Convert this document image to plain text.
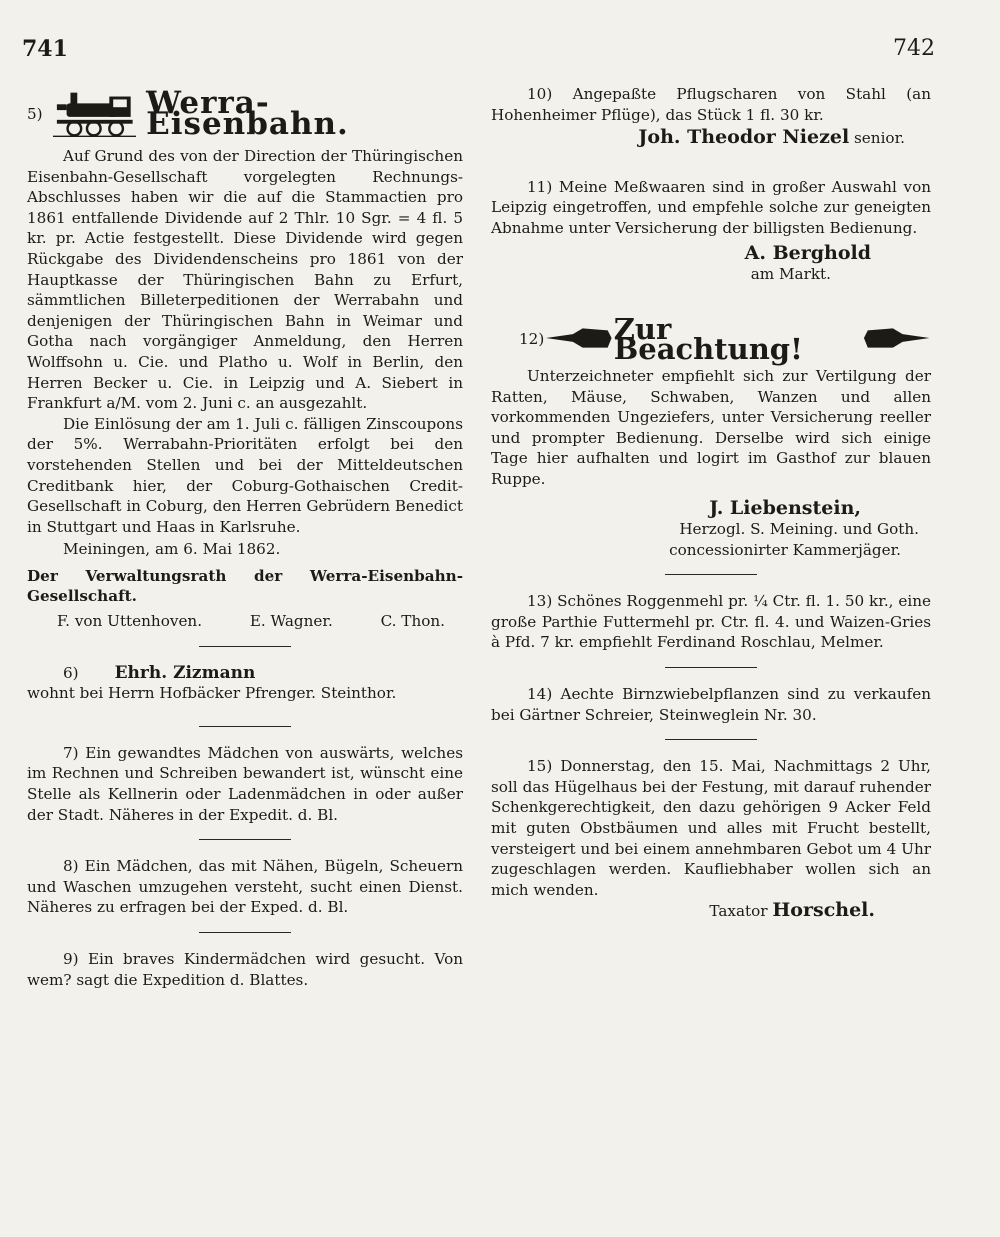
741	742
5)	Werra-Eisenbahn.

Auf Grund des von der Direction der Thüringischen Eisenbahn-Gesellschaft vorgelegten Rechnungs-Abschlusses haben wir die auf die Stammactien pro 1861 entfallende Dividende auf 2 Thlr. 10 Sgr. = 4 fl. 5 kr. pr. Actie festgestellt. Diese Dividende wird gegen Rückgabe des Dividendenscheins pro 1861 von der Hauptkasse der Thüringischen Bahn zu Erfurt, sämmtlichen Billeterpeditionen der Werrabahn und denjenigen der Thüringischen Bahn in Weimar und Gotha nach vorgängiger Anmeldung, den Herren Wolffsohn u. Cie. und Platho u. Wolf in Berlin, den Herren Becker u. Cie. in Leipzig und A. Siebert in Frankfurt a/M. vom 2. Juni c. an ausgezahlt.

Die Einlösung der am 1. Juli c. fälligen Zinscoupons der 5%. Werrabahn-Prioritäten erfolgt bei den vorstehenden Stellen und bei der Mitteldeutschen Creditbank hier, der Coburg-Gothaischen Credit-Gesellschaft in Coburg, den Herren Gebrüdern Benedict in Stuttgart und Haas in Karlsruhe.

Meiningen, am 6. Mai 1862.

Der Verwaltungsrath der Werra-Eisenbahn-Gesellschaft.

F. von Uttenhoven.	E. Wagner.	C. Thon.
6) Ehrh. Zizmann

wohnt bei Herrn Hofbäcker Pfrenger. Steinthor.

7) Ein gewandtes Mädchen von auswärts, welches im Rechnen und Schreiben bewandert ist, wünscht eine Stelle als Kellnerin oder Ladenmädchen in oder außer der Stadt. Näheres in der Expedit. d. Bl.

8) Ein Mädchen, das mit Nähen, Bügeln, Scheuern und Waschen umzugehen versteht, sucht einen Dienst. Näheres zu erfragen bei der Exped. d. Bl.

9) Ein braves Kindermädchen wird gesucht. Von wem? sagt die Expedition d. Blattes.

10) Angepaßte Pflugscharen von Stahl (an Hohenheimer Pflüge), das Stück 1 fl. 30 kr.

Joh. Theodor Niezel senior.

11) Meine Meßwaaren sind in großer Auswahl von Leipzig eingetroffen, und empfehle solche zur geneigten Abnahme unter Versicherung der billigsten Bedienung.

A. Berghold

am Markt.

12) Zur Beachtung!

Unterzeichneter empfiehlt sich zur Vertilgung der Ratten, Mäuse, Schwaben, Wanzen und allen vorkommenden Ungeziefers, unter Versicherung reeller und prompter Bedienung. Derselbe wird sich einige Tage hier aufhalten und logirt im Gasthof zur blauen Ruppe.

J. Liebenstein,

Herzogl. S. Meining. und Goth.

concessionirter Kammerjäger.

13) Schönes Roggenmehl pr. ¼ Ctr. fl. 1. 50 kr., eine große Parthie Futtermehl pr. Ctr. fl. 4. und Waizen-Gries à Pfd. 7 kr. empfiehlt Ferdinand Roschlau, Melmer.

14) Aechte Birnzwiebelpflanzen sind zu verkaufen bei Gärtner Schreier, Steinweglein Nr. 30.

15) Donnerstag, den 15. Mai, Nachmittags 2 Uhr, soll das Hügelhaus bei der Festung, mit darauf ruhender Schenkgerechtigkeit, den dazu gehörigen 9 Acker Feld mit guten Obstbäumen und alles mit Frucht bestellt, versteigert und bei einem annehmbaren Gebot um 4 Uhr zugeschlagen werden. Kaufliebhaber wollen sich an mich wenden.

Taxator Horschel.
